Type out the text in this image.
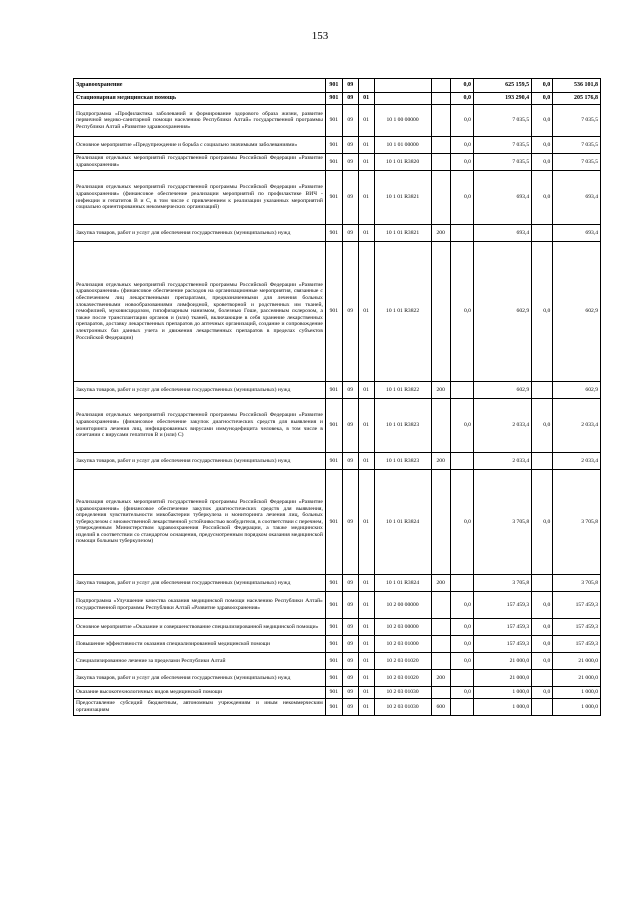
153
Здравоохранение	901	09				0,0	625 159,5	0,0	536 101,8
Стационарная медицинская помощь	901	09	01			0,0	193 290,4	0,0	205 176,8
Подпрограмма «Профилактика заболеваний и формирование здорового образа жизни, развитие первичной медико-санитарной помощи населению Республики Алтай» государственной программы Республики Алтай «Развитие здравоохранения»	901	09	01	10 1 00 00000		0,0	7 035,5	0,0	7 035,5
Основное мероприятие «Предупреждение и борьба с социально значимыми заболеваниями»	901	09	01	10 1 01 00000		0,0	7 035,5	0,0	7 035,5
Реализация отдельных мероприятий государственной программы Российской Федерации «Развитие здравоохранения»	901	09	01	10 1 01 R3820		0,0	7 035,5	0,0	7 035,5
Реализация отдельных мероприятий государственной программы Российской Федерации «Развитие здравоохранения» (финансовое обеспечение реализации мероприятий по профилактике ВИЧ - инфекции и гепатитов В и С, в том числе с привлечением к реализации указанных мероприятий социально ориентированных некоммерческих организаций)	901	09	01	10 1 01 R3821		0,0	693,4	0,0	693,4
Закупка товаров, работ и услуг для обеспечения государственных (муниципальных) нужд	901	09	01	10 1 01 R3821	200		693,4		693,4
Реализация отдельных мероприятий государственной программы Российской Федерации «Развитие здравоохранения» (финансовое обеспечение расходов на организационные мероприятия, связанные с обеспечением лиц лекарственными препаратами, предназначенными для лечения больных злокачественными новообразованиями лимфоидной, кроветворной и родственных им тканей, гемофилией, муковисцидозом, гипофизарным нанизмом, болезнью Гоше, рассеянным склерозом, а также после трансплантации органов и (или) тканей, включающие в себя хранение лекарственных препаратов, доставку лекарственных препаратов до аптечных организаций, создание и сопровождение электронных баз данных учета и движения лекарственных препаратов в пределах субъектов Российской Федерации)	901	09	01	10 1 01 R3822		0,0	602,9	0,0	602,9
Закупка товаров, работ и услуг для обеспечения государственных (муниципальных) нужд	901	09	01	10 1 01 R3822	200		602,9		602,9
Реализация отдельных мероприятий государственной программы Российской Федерации «Развитие здравоохранения» (финансовое обеспечение закупок диагностических средств для выявления и мониторинга лечения лиц, инфицированных вирусами иммунодефицита человека, в том числе в сочетании с вирусами гепатитов В и (или) С)	901	09	01	10 1 01 R3823		0,0	2 033,4	0,0	2 033,4
Закупка товаров, работ и услуг для обеспечения государственных (муниципальных) нужд	901	09	01	10 1 01 R3823	200		2 033,4		2 033,4
Реализация отдельных мероприятий государственной программы Российской Федерации «Развитие здравоохранения» (финансовое обеспечение закупок диагностических средств для выявления, определения чувствительности микобактерии туберкулеза и мониторинга лечения лиц, больных туберкулезом с множественной лекарственной устойчивостью возбудителя, в соответствии с перечнем, утвержденным Министерством здравоохранения Российской Федерации, а также медицинских изделий в соответствии со стандартом оснащения, предусмотренным порядком оказания медицинской помощи больным туберкулезом)	901	09	01	10 1 01 R3824		0,0	3 705,8	0,0	3 705,8
Закупка товаров, работ и услуг для обеспечения государственных (муниципальных) нужд	901	09	01	10 1 01 R3824	200		3 705,8		3 705,8
Подпрограмма «Улучшение качества оказания медицинской помощи населению Республики Алтай» государственной программы Республики Алтай «Развитие здравоохранения»	901	09	01	10 2 00 00000		0,0	157 459,3	0,0	157 459,3
Основное мероприятие «Оказание и совершенствование специализированной медицинской помощи»	901	09	01	10 2 03 00000		0,0	157 459,3	0,0	157 459,3
Повышение эффективности оказания специализированной медицинской помощи	901	09	01	10 2 03 01000		0,0	157 459,3	0,0	157 459,3
Специализированное лечение за пределами Республики Алтай	901	09	01	10 2 03 01020		0,0	21 000,0	0,0	21 000,0
Закупка товаров, работ и услуг для обеспечения государственных (муниципальных) нужд	901	09	01	10 2 03 01020	200		21 000,0		21 000,0
Оказание высокотехнологичных видов медицинской помощи	901	09	01	10 2 03 01030		0,0	1 000,0	0,0	1 000,0
Предоставление субсидий бюджетным, автономным учреждениям и иным некоммерческим организациям	901	09	01	10 2 03 01030	600		1 000,0		1 000,0
